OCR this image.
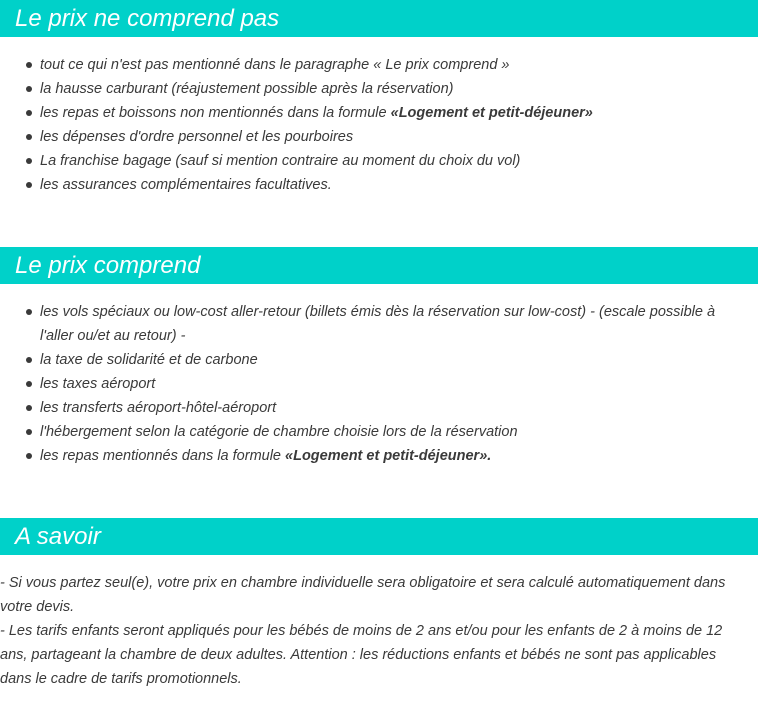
Le prix ne comprend pas
tout ce qui n'est pas mentionné dans le paragraphe « Le prix comprend »
la hausse carburant (réajustement possible après la réservation)
les repas et boissons non mentionnés dans la formule «Logement et petit-déjeuner»
les dépenses d'ordre personnel et les pourboires
La franchise bagage (sauf si mention contraire au moment du choix du vol)
les assurances complémentaires facultatives.
Le prix comprend
les vols spéciaux ou low-cost aller-retour (billets émis dès la réservation sur low-cost) - (escale possible à l'aller ou/et au retour) -
la taxe de solidarité et de carbone
les taxes aéroport
les transferts aéroport-hôtel-aéroport
l'hébergement selon la catégorie de chambre choisie lors de la réservation
les repas mentionnés dans la formule «Logement et petit-déjeuner».
A savoir

- Si vous partez seul(e), votre prix en chambre individuelle sera obligatoire et sera calculé automatiquement dans votre devis.

- Les tarifs enfants seront appliqués pour les bébés de moins de 2 ans et/ou pour les enfants de 2 à moins de 12 ans, partageant la chambre de deux adultes. Attention : les réductions enfants et bébés ne sont pas applicables dans le cadre de tarifs promotionnels.
